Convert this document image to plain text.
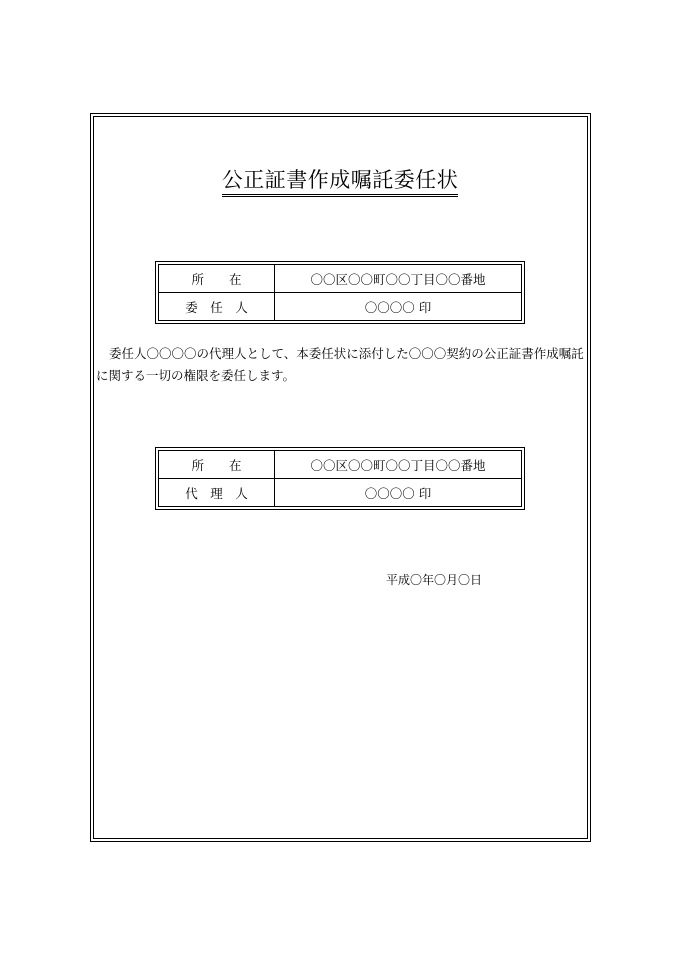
公正証書作成嘱託委任状
所　　在	〇〇区〇〇町〇〇丁目〇〇番地
委　任　人	〇〇〇〇 印

委任人〇〇〇〇の代理人として、本委任状に添付した〇〇〇契約の公正証書作成嘱託に関する一切の権限を委任します。

所　　在	〇〇区〇〇町〇〇丁目〇〇番地
代　理　人	〇〇〇〇 印
平成〇年〇月〇日
